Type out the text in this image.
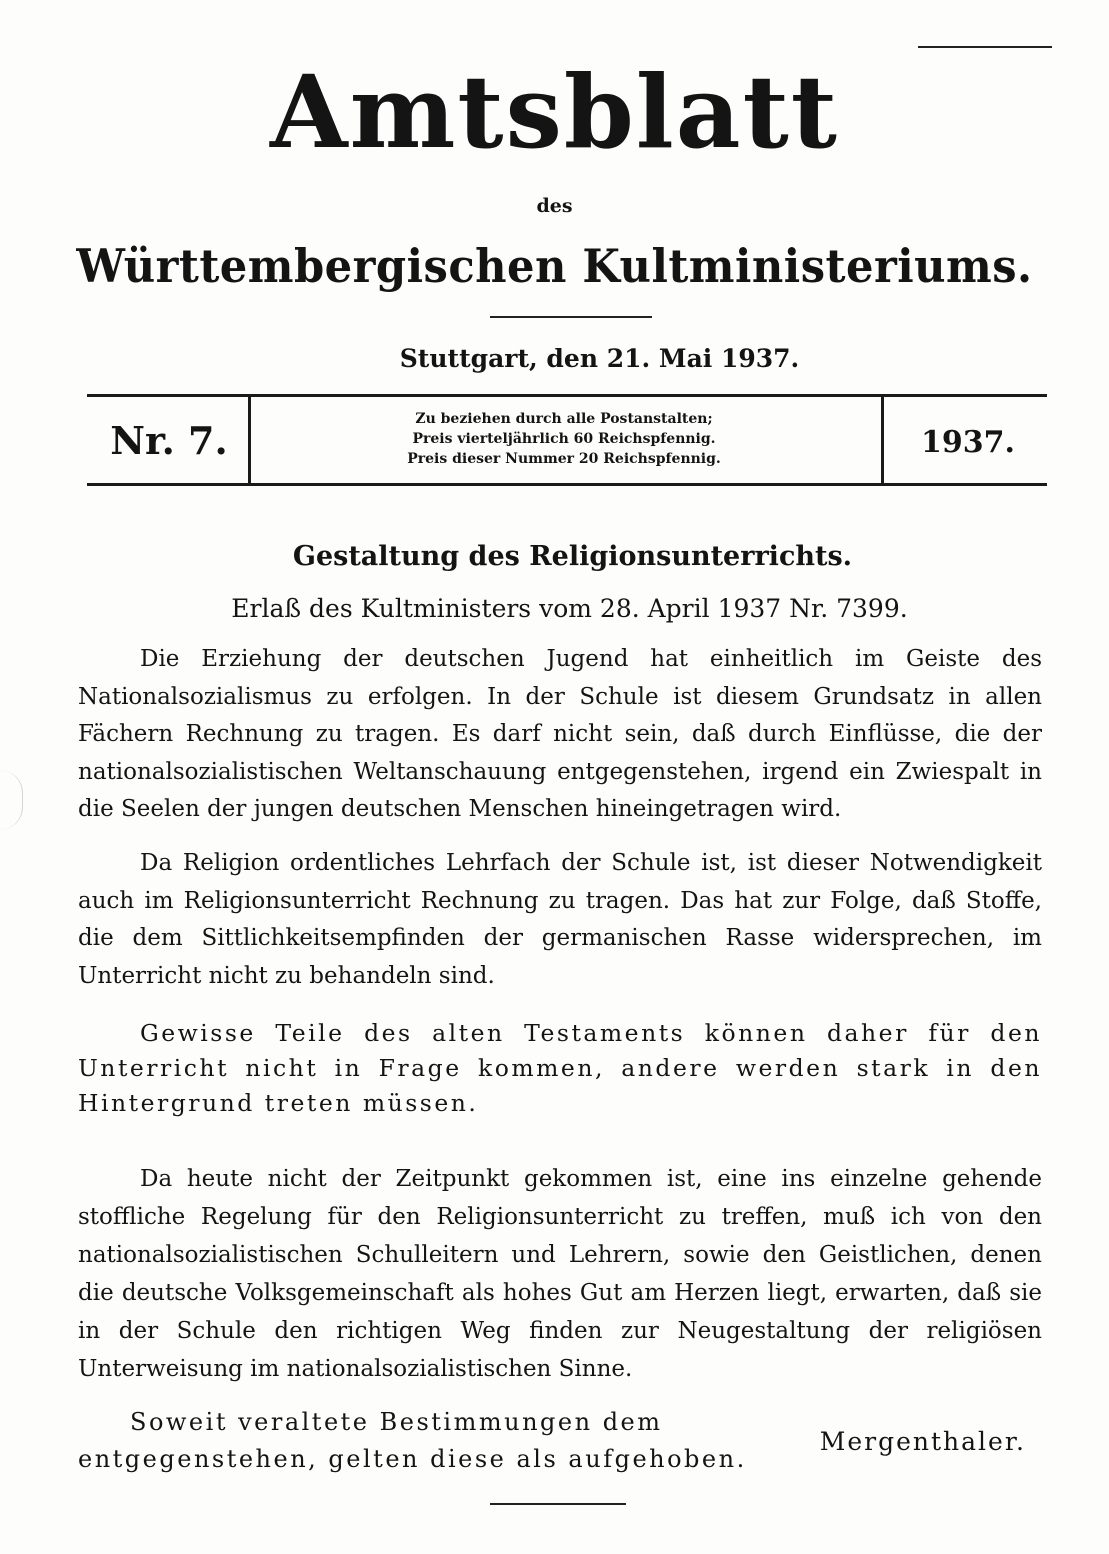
Amtsblatt
des
Württembergischen Kultministeriums.
Stuttgart, den 21. Mai 1937.
Nr. 7.	Zu beziehen durch alle Postanstalten;
Preis vierteljährlich 60 Reichspfennig.
Preis dieser Nummer 20 Reichspfennig.	1937.
Gestaltung des Religionsunterrichts.
Erlaß des Kultministers vom 28. April 1937 Nr. 7399.

Die Erziehung der deutschen Jugend hat einheitlich im Geiste des Nationalsozialismus zu erfolgen. In der Schule ist diesem Grundsatz in allen Fächern Rechnung zu tragen. Es darf nicht sein, daß durch Einflüsse, die der nationalsozialistischen Weltanschauung entgegenstehen, irgend ein Zwiespalt in die Seelen der jungen deutschen Menschen hineingetragen wird.

Da Religion ordentliches Lehrfach der Schule ist, ist dieser Notwendigkeit auch im Religionsunterricht Rechnung zu tragen. Das hat zur Folge, daß Stoffe, die dem Sittlichkeitsempfinden der germanischen Rasse widersprechen, im Unterricht nicht zu behandeln sind.

Gewisse Teile des alten Testaments können daher für den Unterricht nicht in Frage kommen, andere werden stark in den Hintergrund treten müssen.

Da heute nicht der Zeitpunkt gekommen ist, eine ins einzelne gehende stoffliche Regelung für den Religionsunterricht zu treffen, muß ich von den nationalsozialistischen Schulleitern und Lehrern, sowie den Geistlichen, denen die deutsche Volksgemeinschaft als hohes Gut am Herzen liegt, erwarten, daß sie in der Schule den richtigen Weg finden zur Neugestaltung der religiösen Unterweisung im nationalsozialistischen Sinne.

Soweit veraltete Bestimmungen dem entgegenstehen, gelten diese als aufgehoben.

Mergenthaler.
